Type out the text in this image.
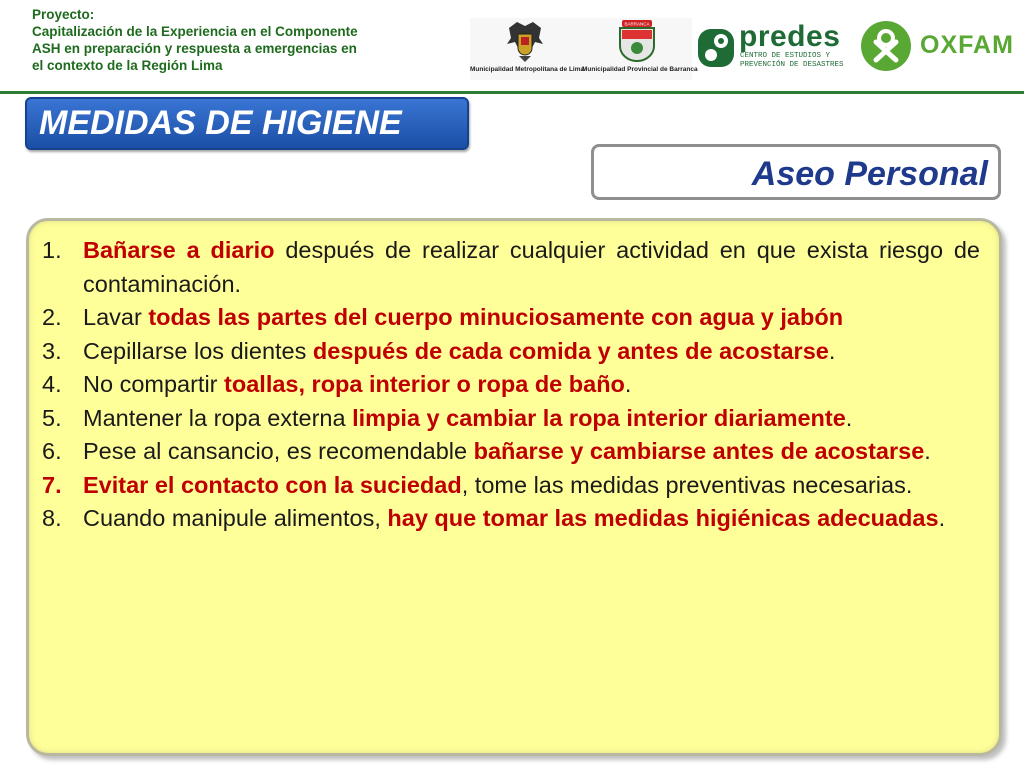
Proyecto:
Capitalización de la Experiencia en el Componente
ASH en preparación y respuesta a emergencias en
el contexto de la Región Lima	Municipalidad Metropolitana de Lima
BARRANCA
Municipalidad Provincial de Barranca
predes
CENTRO DE ESTUDIOS Y
PREVENCIÓN DE DESASTRES
OXFAM
MEDIDAS DE HIGIENE
Aseo Personal
1. Bañarse a diario después de realizar cualquier actividad en que exista riesgo de contaminación.
2. Lavar todas las partes del cuerpo minuciosamente con agua y jabón
3. Cepillarse los dientes después de cada comida y antes de acostarse.
4. No compartir toallas, ropa interior o ropa de baño.
5. Mantener la ropa externa limpia y cambiar la ropa interior diariamente.
6. Pese al cansancio, es recomendable bañarse y cambiarse antes de acostarse.
7. Evitar el contacto con la suciedad, tome las medidas preventivas necesarias.
8. Cuando manipule alimentos, hay que tomar las medidas higiénicas adecuadas.
